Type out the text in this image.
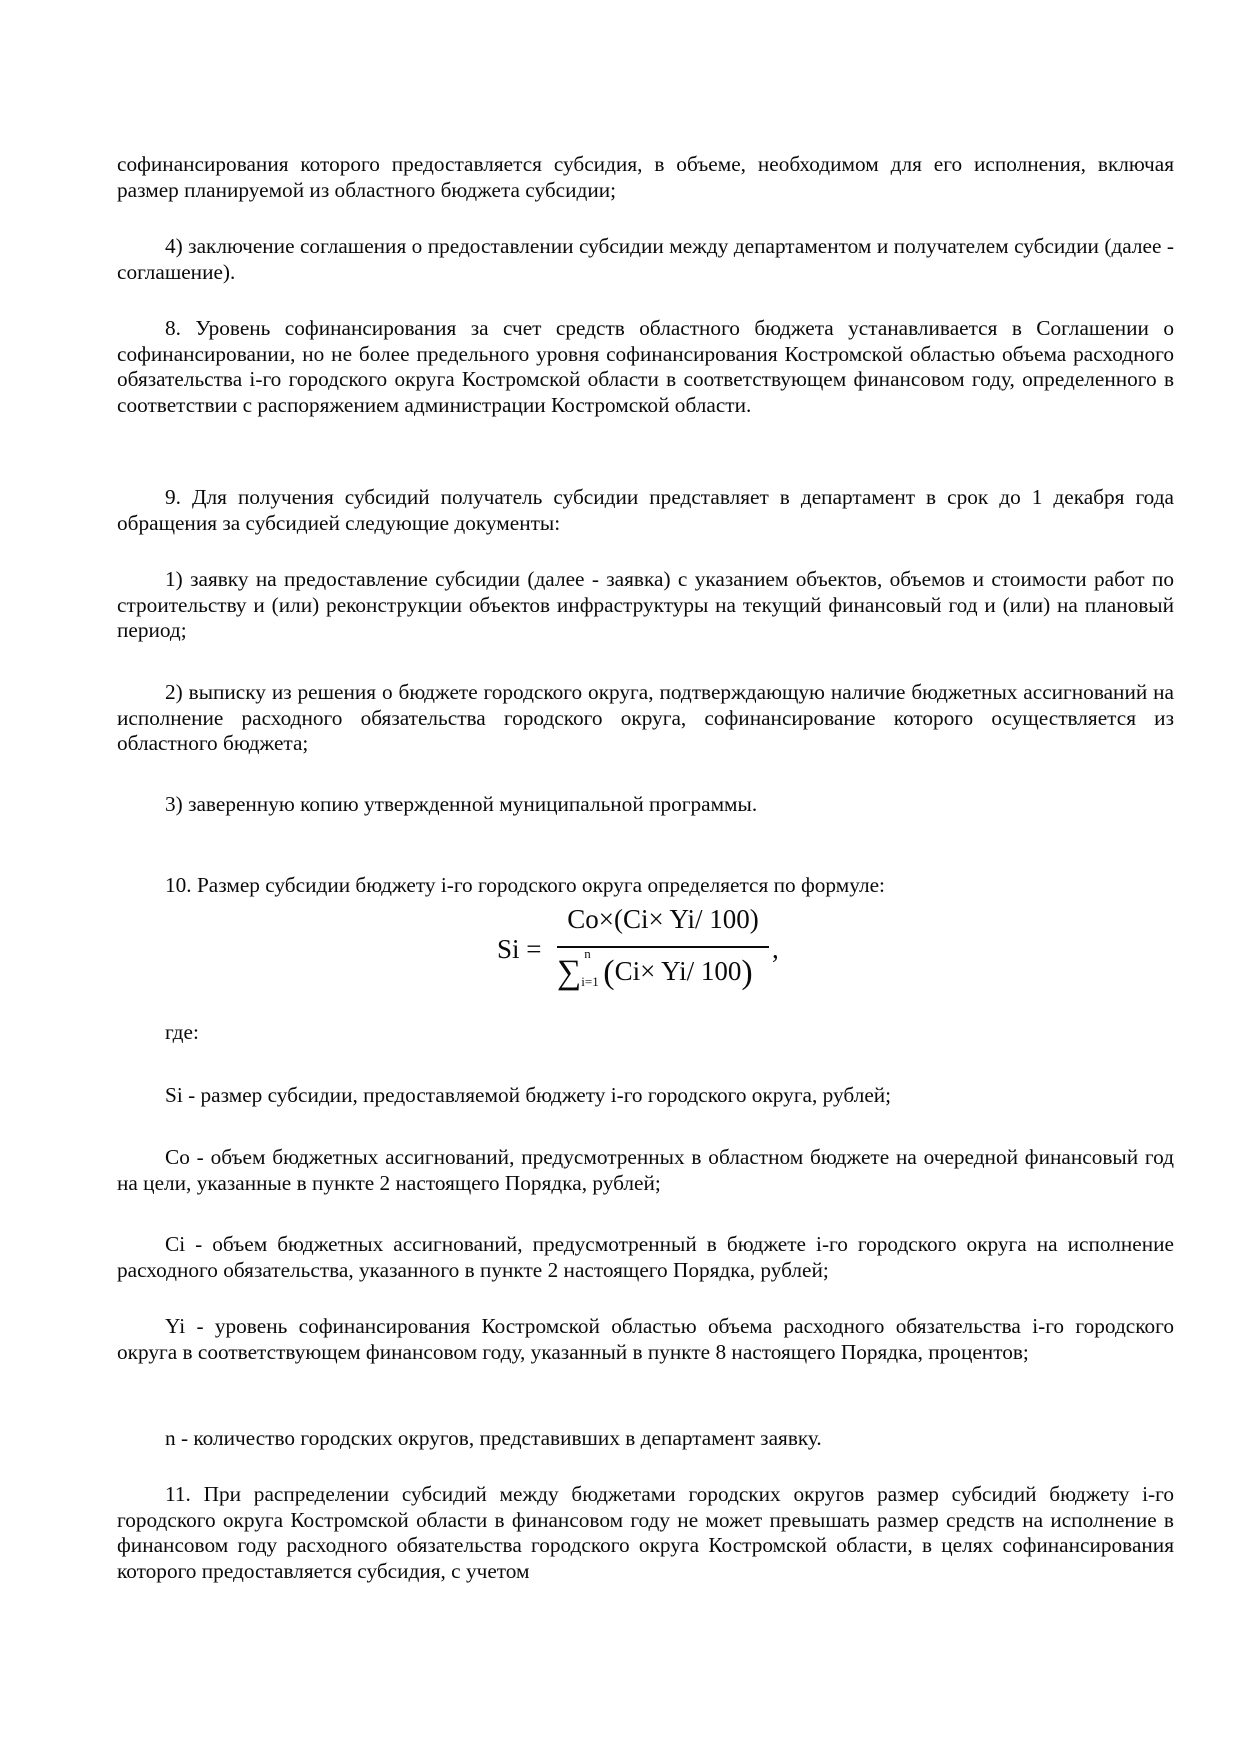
софинансирования которого предоставляется субсидия, в объеме, необходимом для его исполнения, включая размер планируемой из областного бюджета субсидии;

4) заключение соглашения о предоставлении субсидии между департаментом и получателем субсидии (далее - соглашение).

8. Уровень софинансирования за счет средств областного бюджета устанавливается в Соглашении о софинансировании, но не более предельного уровня софинансирования Костромской областью объема расходного обязательства i-го городского округа Костромской области в соответствующем финансовом году, определенного в соответствии с распоряжением администрации Костромской области.

9. Для получения субсидий получатель субсидии представляет в департамент в срок до 1 декабря года обращения за субсидией следующие документы:

1) заявку на предоставление субсидии (далее - заявка) с указанием объектов, объемов и стоимости работ по строительству и (или) реконструкции объектов инфраструктуры на текущий финансовый год и (или) на плановый период;

2) выписку из решения о бюджете городского округа, подтверждающую наличие бюджетных ассигнований на исполнение расходного обязательства городского округа, софинансирование которого осуществляется из областного бюджета;

3) заверенную копию утвержденной муниципальной программы.

10. Размер субсидии бюджету i-го городского округа определяется по формуле:

Si =
Co×(Ci× Yi/ 100)
∑
n
i=1 (Ci× Yi/ 100)
,

где:

Si - размер субсидии, предоставляемой бюджету i-го городского округа, рублей;

Co - объем бюджетных ассигнований, предусмотренных в областном бюджете на очередной финансовый год на цели, указанные в пункте 2 настоящего Порядка, рублей;

Ci - объем бюджетных ассигнований, предусмотренный в бюджете i-го городского округа на исполнение расходного обязательства, указанного в пункте 2 настоящего Порядка, рублей;

Yi - уровень софинансирования Костромской областью объема расходного обязательства i-го городского округа в соответствующем финансовом году, указанный в пункте 8 настоящего Порядка, процентов;

n - количество городских округов, представивших в департамент заявку.

11. При распределении субсидий между бюджетами городских округов размер субсидий бюджету i-го городского округа Костромской области в финансовом году не может превышать размер средств на исполнение в финансовом году расходного обязательства городского округа Костромской области, в целях софинансирования которого предоставляется субсидия, с учетом
